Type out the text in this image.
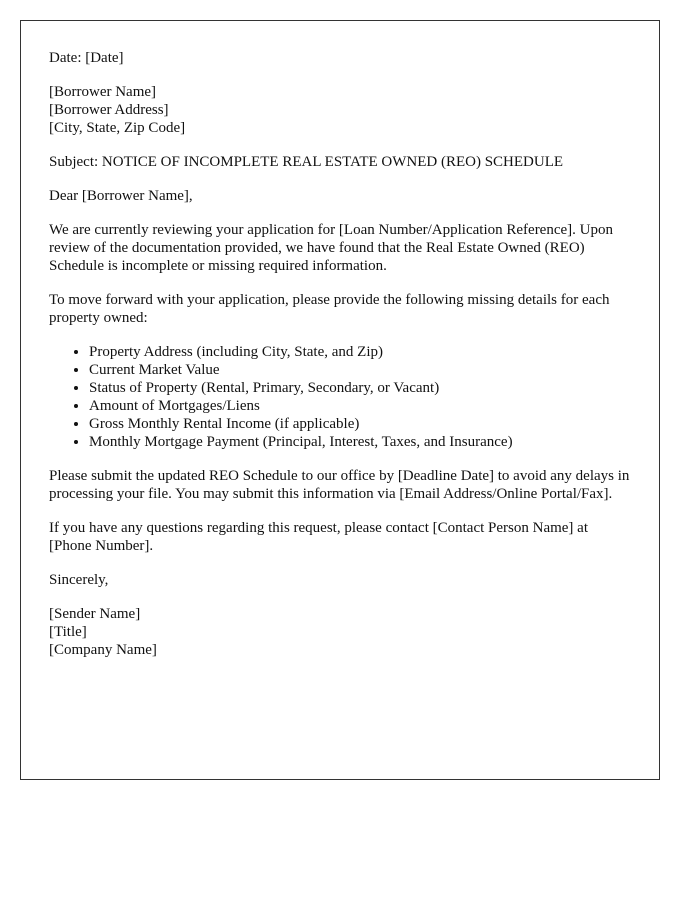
Date: [Date]

[Borrower Name]
[Borrower Address]
[City, State, Zip Code]

Subject: NOTICE OF INCOMPLETE REAL ESTATE OWNED (REO) SCHEDULE

Dear [Borrower Name],

We are currently reviewing your application for [Loan Number/Application Reference]. Upon review of the documentation provided, we have found that the Real Estate Owned (REO) Schedule is incomplete or missing required information.

To move forward with your application, please provide the following missing details for each property owned:

• Property Address (including City, State, and Zip)
• Current Market Value
• Status of Property (Rental, Primary, Secondary, or Vacant)
• Amount of Mortgages/Liens
• Gross Monthly Rental Income (if applicable)
• Monthly Mortgage Payment (Principal, Interest, Taxes, and Insurance)

Please submit the updated REO Schedule to our office by [Deadline Date] to avoid any delays in processing your file. You may submit this information via [Email Address/Online Portal/Fax].

If you have any questions regarding this request, please contact [Contact Person Name] at [Phone Number].

Sincerely,

[Sender Name]
[Title]
[Company Name]
